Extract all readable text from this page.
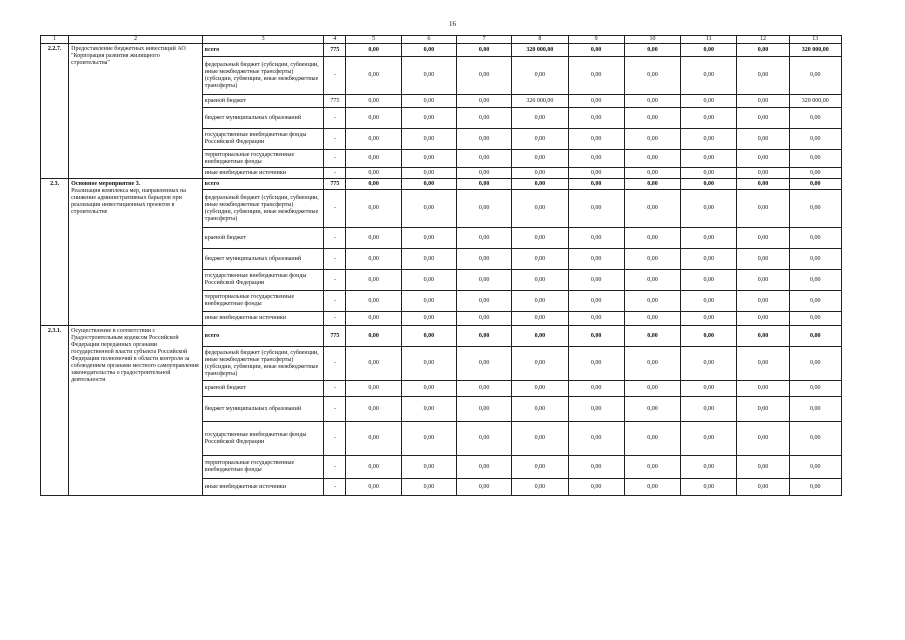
16
1	2	3	4	5	6	7	8	9	10	11	12	13
2.2.7.	Предоставление бюджетных инвестиций АО "Корпорация развития жилищного строительства"	всего	775	0,00	0,00	0,00	320 000,00	0,00	0,00	0,00	0,00	320 000,00
		федеральный бюджет (субсидии, субвенции, иные межбюджетные трансферты) (субсидии, субвенции, иные межбюджетные трансферты)	-	0,00	0,00	0,00	0,00	0,00	0,00	0,00	0,00	0,00
		краевой бюджет	775	0,00	0,00	0,00	320 000,00	0,00	0,00	0,00	0,00	320 000,00
		бюджет муниципальных образований	-	0,00	0,00	0,00	0,00	0,00	0,00	0,00	0,00	0,00
		государственные внебюджетные фонды Российской Федерации	-	0,00	0,00	0,00	0,00	0,00	0,00	0,00	0,00	0,00
		территориальные государственные внебюджетные фонды	-	0,00	0,00	0,00	0,00	0,00	0,00	0,00	0,00	0,00
		иные внебюджетные источники	-	0,00	0,00	0,00	0,00	0,00	0,00	0,00	0,00	0,00
2.3.	Основное мероприятие 3.
Реализация комплекса мер, направленных на снижение административных барьеров при реализации инвестиционных проектов в строительстве	всего	775	0,00	0,00	0,00	0,00	0,00	0,00	0,00	0,00	0,00
		федеральный бюджет (субсидии, субвенции, иные межбюджетные трансферты) (субсидии, субвенции, иные межбюджетные трансферты)	-	0,00	0,00	0,00	0,00	0,00	0,00	0,00	0,00	0,00
		краевой бюджет	-	0,00	0,00	0,00	0,00	0,00	0,00	0,00	0,00	0,00
		бюджет муниципальных образований	-	0,00	0,00	0,00	0,00	0,00	0,00	0,00	0,00	0,00
		государственные внебюджетные фонды Российской Федерации	-	0,00	0,00	0,00	0,00	0,00	0,00	0,00	0,00	0,00
		территориальные государственные внебюджетные фонды	-	0,00	0,00	0,00	0,00	0,00	0,00	0,00	0,00	0,00
		иные внебюджетные источники	-	0,00	0,00	0,00	0,00	0,00	0,00	0,00	0,00	0,00
2.3.1.	Осуществление в соответствии с Градостроительным кодексом Российской Федерации переданных органами государственной власти субъекта Российской Федерации полномочий в области контроля за соблюдением органами местного самоуправления законодательства о градостроительной деятельности	всего	775	0,00	0,00	0,00	0,00	0,00	0,00	0,00	0,00	0,00
		федеральный бюджет (субсидии, субвенции, иные межбюджетные трансферты) (субсидии, субвенции, иные межбюджетные трансферты)	-	0,00	0,00	0,00	0,00	0,00	0,00	0,00	0,00	0,00
		краевой бюджет	-	0,00	0,00	0,00	0,00	0,00	0,00	0,00	0,00	0,00
		бюджет муниципальных образований	-	0,00	0,00	0,00	0,00	0,00	0,00	0,00	0,00	0,00
		государственные внебюджетные фонды Российской Федерации	-	0,00	0,00	0,00	0,00	0,00	0,00	0,00	0,00	0,00
		территориальные государственные внебюджетные фонды	-	0,00	0,00	0,00	0,00	0,00	0,00	0,00	0,00	0,00
		иные внебюджетные источники	-	0,00	0,00	0,00	0,00	0,00	0,00	0,00	0,00	0,00
